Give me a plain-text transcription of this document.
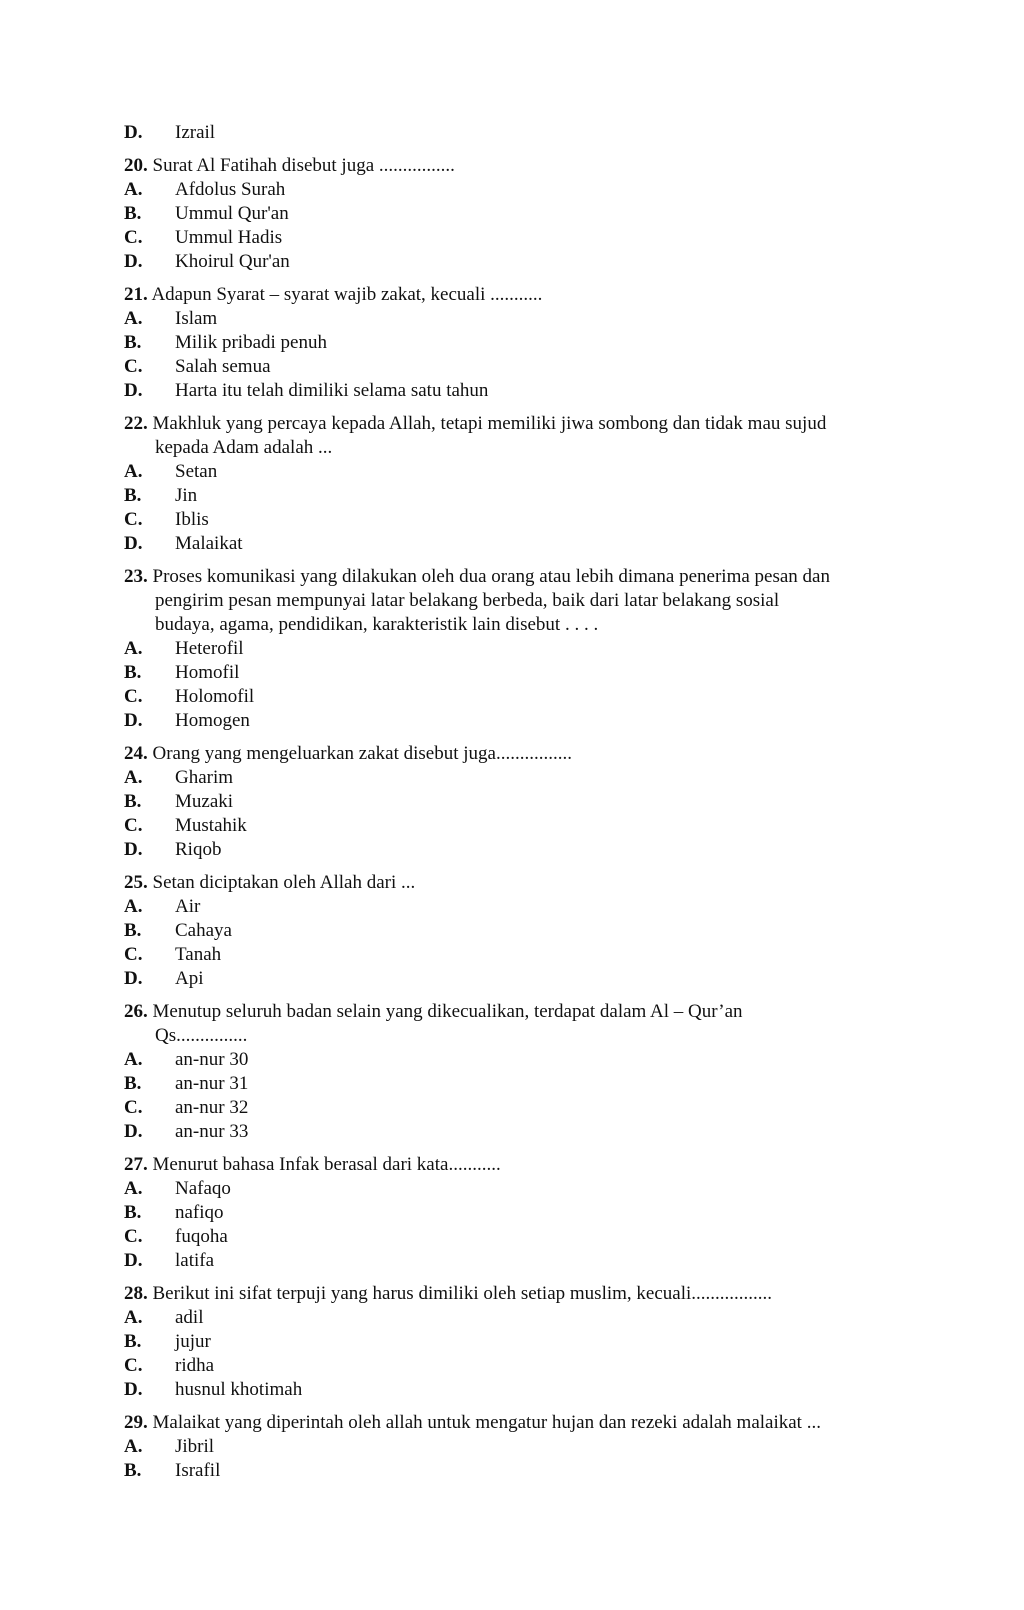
D. Izrail
20. Surat Al Fatihah disebut juga ................
A. Afdolus Surah
B. Ummul Qur'an
C. Ummul Hadis
D. Khoirul Qur'an
21. Adapun Syarat – syarat wajib zakat, kecuali ...........
A. Islam
B. Milik pribadi penuh
C. Salah semua
D. Harta itu telah dimiliki selama satu tahun
22. Makhluk yang percaya kepada Allah, tetapi memiliki jiwa sombong dan tidak mau sujud
kepada Adam adalah ...
A. Setan
B. Jin
C. Iblis
D. Malaikat
23. Proses komunikasi yang dilakukan oleh dua orang atau lebih dimana penerima pesan dan
pengirim pesan mempunyai latar belakang berbeda, baik dari latar belakang sosial
budaya, agama, pendidikan, karakteristik lain disebut . . . .
A. Heterofil
B. Homofil
C. Holomofil
D. Homogen
24. Orang yang mengeluarkan zakat disebut juga................
A. Gharim
B. Muzaki
C. Mustahik
D. Riqob
25. Setan diciptakan oleh Allah dari ...
A. Air
B. Cahaya
C. Tanah
D. Api
26. Menutup seluruh badan selain yang dikecualikan, terdapat dalam Al – Qur’an
Qs...............
A. an-nur 30
B. an-nur 31
C. an-nur 32
D. an-nur 33
27. Menurut bahasa Infak berasal dari kata...........
A. Nafaqo
B. nafiqo
C. fuqoha
D. latifa
28. Berikut ini sifat terpuji yang harus dimiliki oleh setiap muslim, kecuali.................
A. adil
B. jujur
C. ridha
D. husnul khotimah
29. Malaikat yang diperintah oleh allah untuk mengatur hujan dan rezeki adalah malaikat ...
A. Jibril
B. Israfil
